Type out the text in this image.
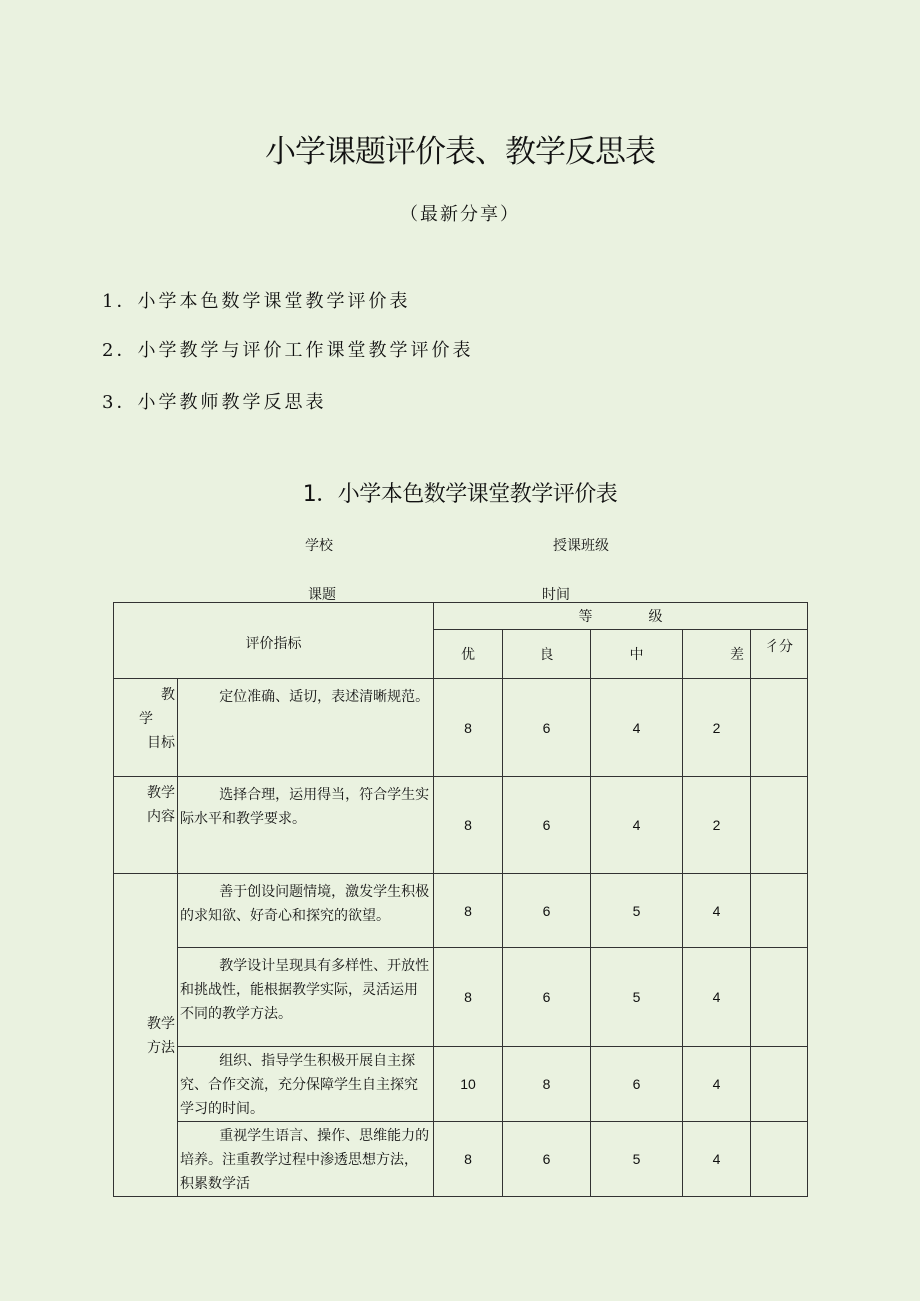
小学课题评价表、教学反思表
（最新分享）
1．小学本色数学课堂教学评价表
2．小学教学与评价工作课堂教学评价表
3．小学教师教学反思表
1．小学本色数学课堂教学评价表
学校	授课班级
课题	时间
评价指标		等　　　　级				
		优	良	中	差	彳分

教
学
目标	定位准确、适切，表述清晰规范。	8	6	4	2	

教学
内容	选择合理，运用得当，符合学生实际水平和教学要求。	8	6	4	2	

教学
方法	善于创设问题情境，激发学生积极的求知欲、好奇心和探究的欲望。	8	6	5	4	
	教学设计呈现具有多样性、开放性和挑战性，能根据教学实际，灵活运用不同的教学方法。	8	6	5	4	
	组织、指导学生积极开展自主探究、合作交流，充分保障学生自主探究学习的时间。	10	8	6	4	
	重视学生语言、操作、思维能力的培养。注重教学过程中渗透思想方法，积累数学活	8	6	5	4	
